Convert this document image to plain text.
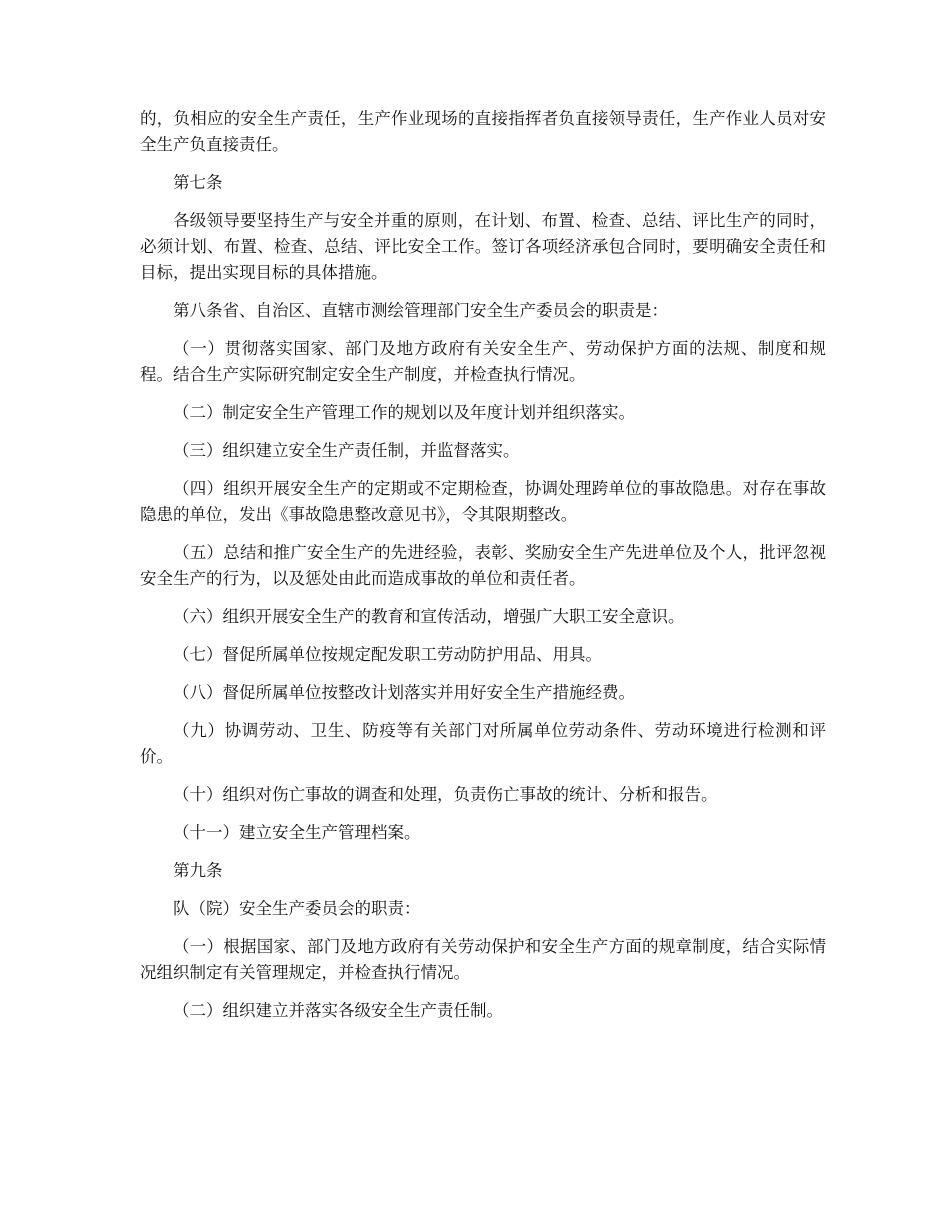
的，负相应的安全生产责任，生产作业现场的直接指挥者负直接领导责任，生产作业人员对安全生产负直接责任。

第七条

各级领导要坚持生产与安全并重的原则，在计划、布置、检查、总结、评比生产的同时，必须计划、布置、检查、总结、评比安全工作。签订各项经济承包合同时，要明确安全责任和目标，提出实现目标的具体措施。

第八条省、自治区、直辖市测绘管理部门安全生产委员会的职责是：

（一）贯彻落实国家、部门及地方政府有关安全生产、劳动保护方面的法规、制度和规程。结合生产实际研究制定安全生产制度，并检查执行情况。

（二）制定安全生产管理工作的规划以及年度计划并组织落实。

（三）组织建立安全生产责任制，并监督落实。

（四）组织开展安全生产的定期或不定期检查，协调处理跨单位的事故隐患。对存在事故隐患的单位，发出《事故隐患整改意见书》，令其限期整改。

（五）总结和推广安全生产的先进经验，表彰、奖励安全生产先进单位及个人，批评忽视安全生产的行为，以及惩处由此而造成事故的单位和责任者。

（六）组织开展安全生产的教育和宣传活动，增强广大职工安全意识。

（七）督促所属单位按规定配发职工劳动防护用品、用具。

（八）督促所属单位按整改计划落实并用好安全生产措施经费。

（九）协调劳动、卫生、防疫等有关部门对所属单位劳动条件、劳动环境进行检测和评价。

（十）组织对伤亡事故的调查和处理，负责伤亡事故的统计、分析和报告。

（十一）建立安全生产管理档案。

第九条

队（院）安全生产委员会的职责：

（一）根据国家、部门及地方政府有关劳动保护和安全生产方面的规章制度，结合实际情况组织制定有关管理规定，并检查执行情况。

（二）组织建立并落实各级安全生产责任制。
